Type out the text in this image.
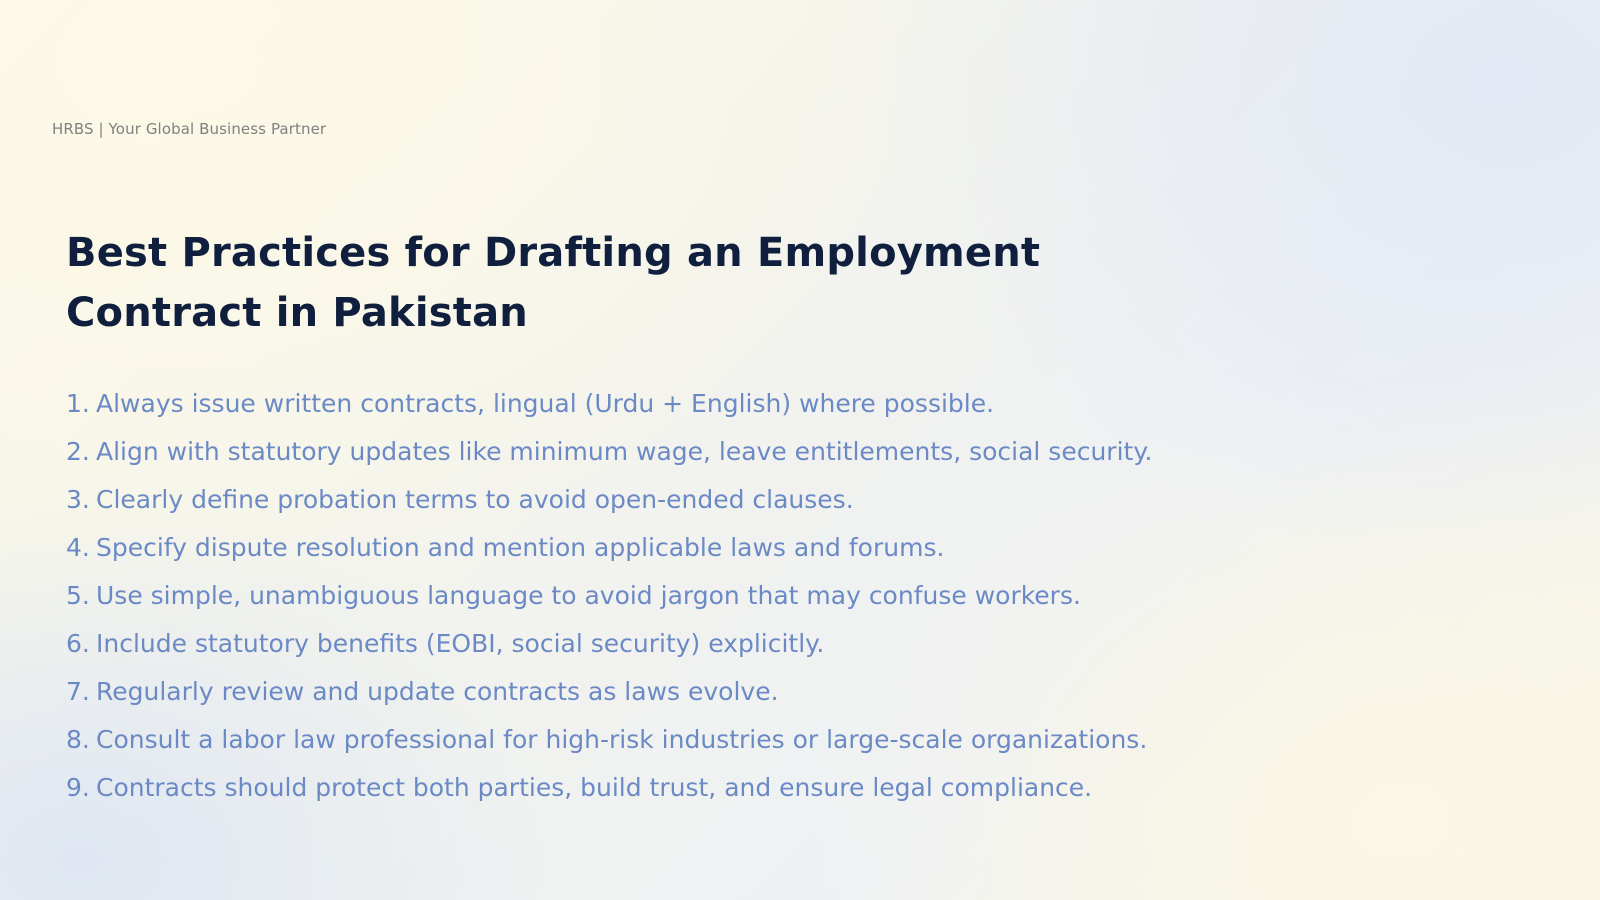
HRBS | Your Global Business Partner
Best Practices for Drafting an Employment
Contract in Pakistan
1. Always issue written contracts, lingual (Urdu + English) where possible.
2. Align with statutory updates like minimum wage, leave entitlements, social security.
3. Clearly define probation terms to avoid open-ended clauses.
4. Specify dispute resolution and mention applicable laws and forums.
5. Use simple, unambiguous language to avoid jargon that may confuse workers.
6. Include statutory benefits (EOBI, social security) explicitly.
7. Regularly review and update contracts as laws evolve.
8. Consult a labor law professional for high-risk industries or large-scale organizations.
9. Contracts should protect both parties, build trust, and ensure legal compliance.
